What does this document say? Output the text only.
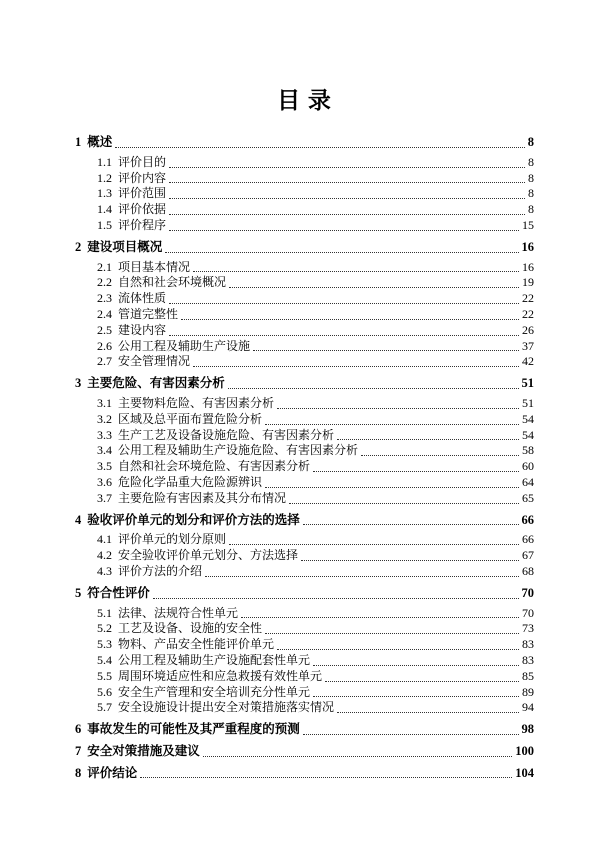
目 录
1 概述	8
1.1 评价目的	8
1.2 评价内容	8
1.3 评价范围	8
1.4 评价依据	8
1.5 评价程序	15
2 建设项目概况	16
2.1 项目基本情况	16
2.2 自然和社会环境概况	19
2.3 流体性质	22
2.4 管道完整性	22
2.5 建设内容	26
2.6 公用工程及辅助生产设施	37
2.7 安全管理情况	42
3 主要危险、有害因素分析	51
3.1 主要物料危险、有害因素分析	51
3.2 区域及总平面布置危险分析	54
3.3 生产工艺及设备设施危险、有害因素分析	54
3.4 公用工程及辅助生产设施危险、有害因素分析	58
3.5 自然和社会环境危险、有害因素分析	60
3.6 危险化学品重大危险源辨识	64
3.7 主要危险有害因素及其分布情况	65
4 验收评价单元的划分和评价方法的选择	66
4.1 评价单元的划分原则	66
4.2 安全验收评价单元划分、方法选择	67
4.3 评价方法的介绍	68
5 符合性评价	70
5.1 法律、法规符合性单元	70
5.2 工艺及设备、设施的安全性	73
5.3 物料、产品安全性能评价单元	83
5.4 公用工程及辅助生产设施配套性单元	83
5.5 周围环境适应性和应急救援有效性单元	85
5.6 安全生产管理和安全培训充分性单元	89
5.7 安全设施设计提出安全对策措施落实情况	94
6 事故发生的可能性及其严重程度的预测	98
7 安全对策措施及建议	100
8 评价结论	104
